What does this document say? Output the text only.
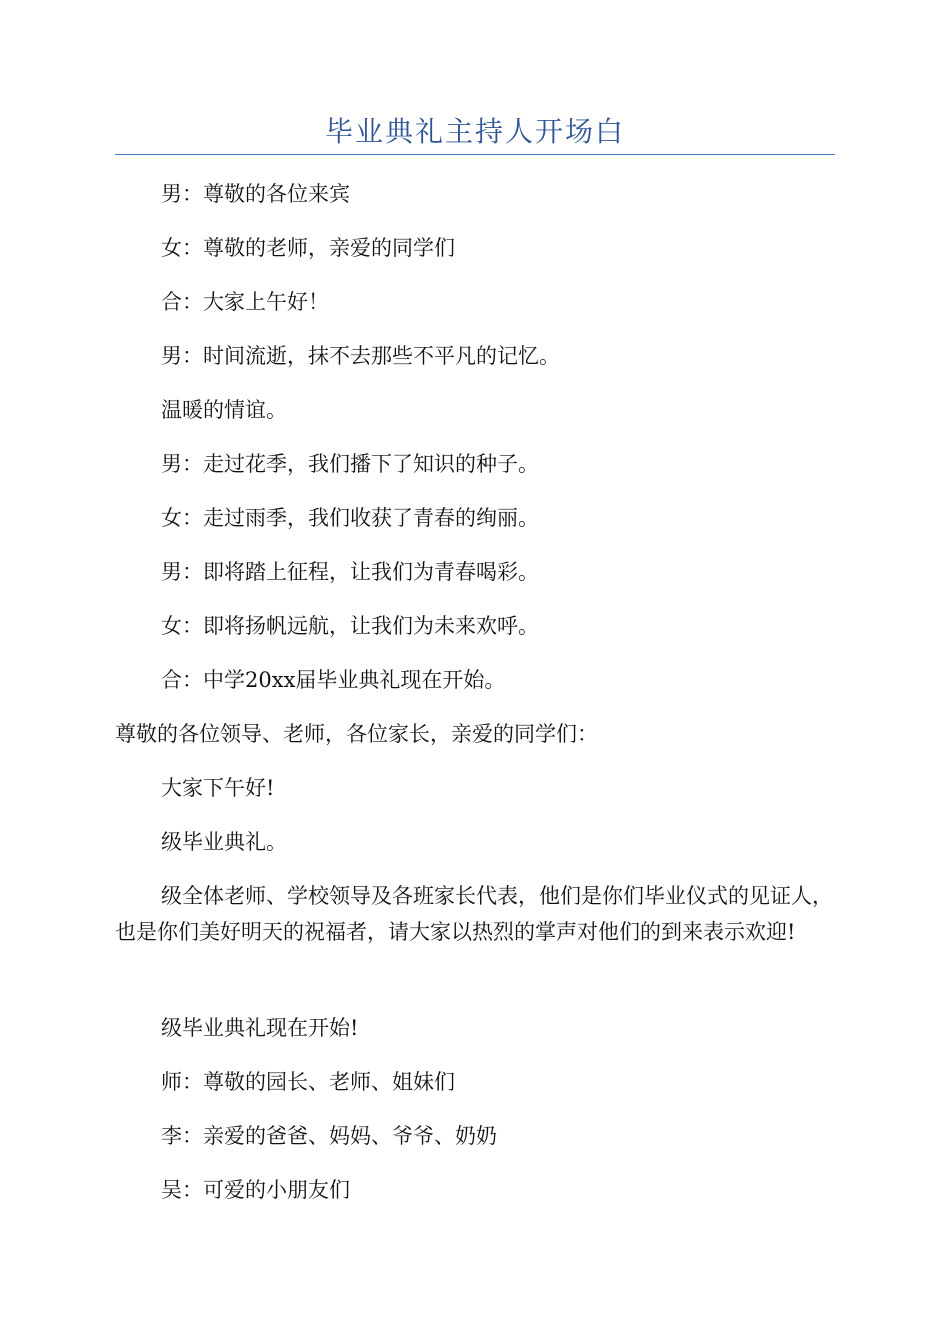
毕业典礼主持人开场白

男：尊敬的各位来宾

女：尊敬的老师，亲爱的同学们

合：大家上午好！

男：时间流逝，抹不去那些不平凡的记忆。

温暖的情谊。

男：走过花季，我们播下了知识的种子。

女：走过雨季，我们收获了青春的绚丽。

男：即将踏上征程，让我们为青春喝彩。

女：即将扬帆远航，让我们为未来欢呼。

合：中学20xx届毕业典礼现在开始。

尊敬的各位领导、老师，各位家长，亲爱的同学们：

大家下午好!

级毕业典礼。

级全体老师、学校领导及各班家长代表，他们是你们毕业仪式的见证人，也是你们美好明天的祝福者，请大家以热烈的掌声对他们的到来表示欢迎!

级毕业典礼现在开始!

师：尊敬的园长、老师、姐妹们

李：亲爱的爸爸、妈妈、爷爷、奶奶

吴：可爱的小朋友们
